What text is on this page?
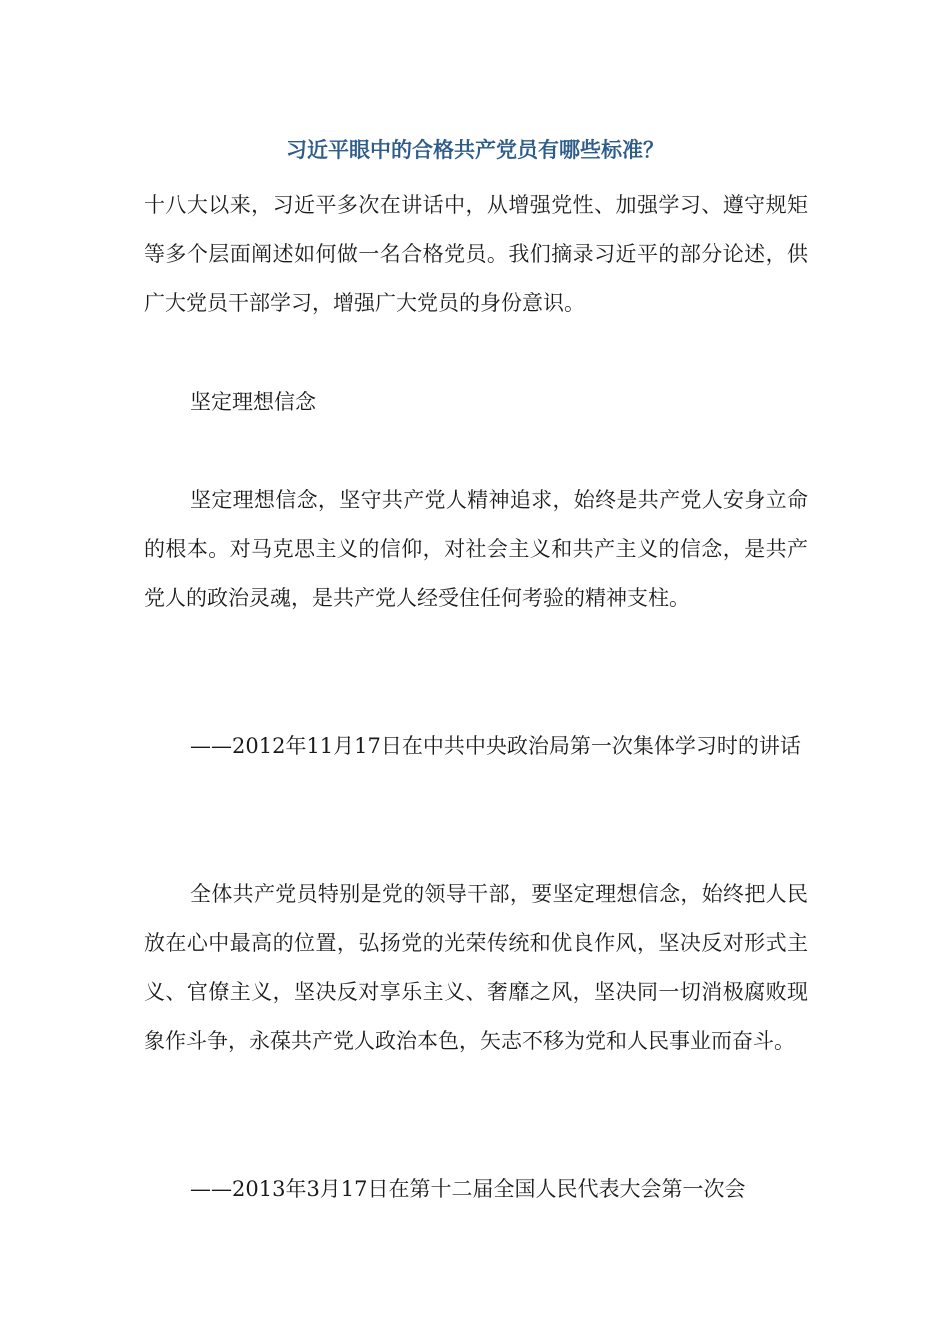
习近平眼中的合格共产党员有哪些标准？

十八大以来，习近平多次在讲话中，从增强党性、加强学习、遵守规矩等多个层面阐述如何做一名合格党员。我们摘录习近平的部分论述，供广大党员干部学习，增强广大党员的身份意识。

坚定理想信念

坚定理想信念，坚守共产党人精神追求，始终是共产党人安身立命的根本。对马克思主义的信仰，对社会主义和共产主义的信念，是共产党人的政治灵魂，是共产党人经受住任何考验的精神支柱。

——2012年11月17日在中共中央政治局第一次集体学习时的讲话

全体共产党员特别是党的领导干部，要坚定理想信念，始终把人民放在心中最高的位置，弘扬党的光荣传统和优良作风，坚决反对形式主义、官僚主义，坚决反对享乐主义、奢靡之风，坚决同一切消极腐败现象作斗争，永葆共产党人政治本色，矢志不移为党和人民事业而奋斗。

——2013年3月17日在第十二届全国人民代表大会第一次会
